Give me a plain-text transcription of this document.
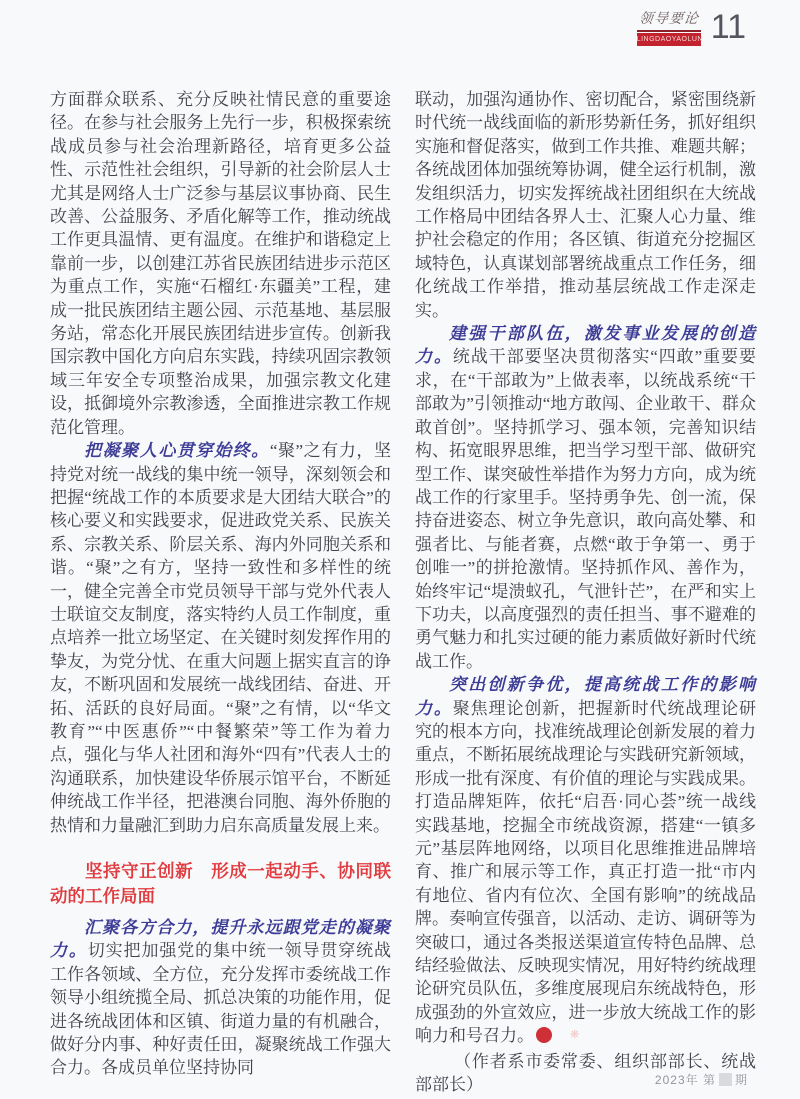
领导要论
LINGDAOYAOLUN 11

方面群众联系、充分反映社情民意的重要途径。在参与社会服务上先行一步，积极探索统战成员参与社会治理新路径，培育更多公益性、示范性社会组织，引导新的社会阶层人士尤其是网络人士广泛参与基层议事协商、民生改善、公益服务、矛盾化解等工作，推动统战工作更具温情、更有温度。在维护和谐稳定上靠前一步，以创建江苏省民族团结进步示范区为重点工作，实施“石榴红·东疆美”工程，建成一批民族团结主题公园、示范基地、基层服务站，常态化开展民族团结进步宣传。创新我国宗教中国化方向启东实践，持续巩固宗教领域三年安全专项整治成果，加强宗教文化建设，抵御境外宗教渗透，全面推进宗教工作规范化管理。

把凝聚人心贯穿始终。“聚”之有力，坚持党对统一战线的集中统一领导，深刻领会和把握“统战工作的本质要求是大团结大联合”的核心要义和实践要求，促进政党关系、民族关系、宗教关系、阶层关系、海内外同胞关系和谐。“聚”之有方，坚持一致性和多样性的统一，健全完善全市党员领导干部与党外代表人士联谊交友制度，落实特约人员工作制度，重点培养一批立场坚定、在关键时刻发挥作用的挚友，为党分忧、在重大问题上据实直言的诤友，不断巩固和发展统一战线团结、奋进、开拓、活跃的良好局面。“聚”之有情，以“华文教育”“中医惠侨”“中餐繁荣”等工作为着力点，强化与华人社团和海外“四有”代表人士的沟通联系，加快建设华侨展示馆平台，不断延伸统战工作半径，把港澳台同胞、海外侨胞的热情和力量融汇到助力启东高质量发展上来。

坚持守正创新　形成一起动手、协同联动的工作局面

汇聚各方合力，提升永远跟党走的凝聚力。切实把加强党的集中统一领导贯穿统战工作各领域、全方位，充分发挥市委统战工作领导小组统揽全局、抓总决策的功能作用，促进各统战团体和区镇、街道力量的有机融合，做好分内事、种好责任田，凝聚统战工作强大合力。各成员单位坚持协同

联动，加强沟通协作、密切配合，紧密围绕新时代统一战线面临的新形势新任务，抓好组织实施和督促落实，做到工作共推、难题共解；各统战团体加强统筹协调，健全运行机制，激发组织活力，切实发挥统战社团组织在大统战工作格局中团结各界人士、汇聚人心力量、维护社会稳定的作用；各区镇、街道充分挖掘区域特色，认真谋划部署统战重点工作任务，细化统战工作举措，推动基层统战工作走深走实。

建强干部队伍，激发事业发展的创造力。统战干部要坚决贯彻落实“四敢”重要要求，在“干部敢为”上做表率，以统战系统“干部敢为”引领推动“地方敢闯、企业敢干、群众敢首创”。坚持抓学习、强本领，完善知识结构、拓宽眼界思维，把当学习型干部、做研究型工作、谋突破性举措作为努力方向，成为统战工作的行家里手。坚持勇争先、创一流，保持奋进姿态、树立争先意识，敢向高处攀、和强者比、与能者赛，点燃“敢于争第一、勇于创唯一”的拼抢激情。坚持抓作风、善作为，始终牢记“堤溃蚁孔，气泄针芒”，在严和实上下功夫，以高度强烈的责任担当、事不避难的勇气魅力和扎实过硬的能力素质做好新时代统战工作。

突出创新争优，提高统战工作的影响力。聚焦理论创新，把握新时代统战理论研究的根本方向，找准统战理论创新发展的着力重点，不断拓展统战理论与实践研究新领域，形成一批有深度、有价值的理论与实践成果。打造品牌矩阵，依托“启吾·同心荟”统一战线实践基地，挖掘全市统战资源，搭建“一镇多元”基层阵地网络，以项目化思维推进品牌培育、推广和展示等工作，真正打造一批“市内有地位、省内有位次、全国有影响”的统战品牌。奏响宣传强音，以活动、走访、调研等为突破口，通过各类报送渠道宣传特色品牌、总结经验做法、反映现实情况，用好特约统战理论研究员队伍，多维度展现启东统战特色，形成强劲的外宣效应，进一步放大统战工作的影响力和号召力。❋

（作者系市委常委、组织部部长、统战部部长）	2023年 第 期
